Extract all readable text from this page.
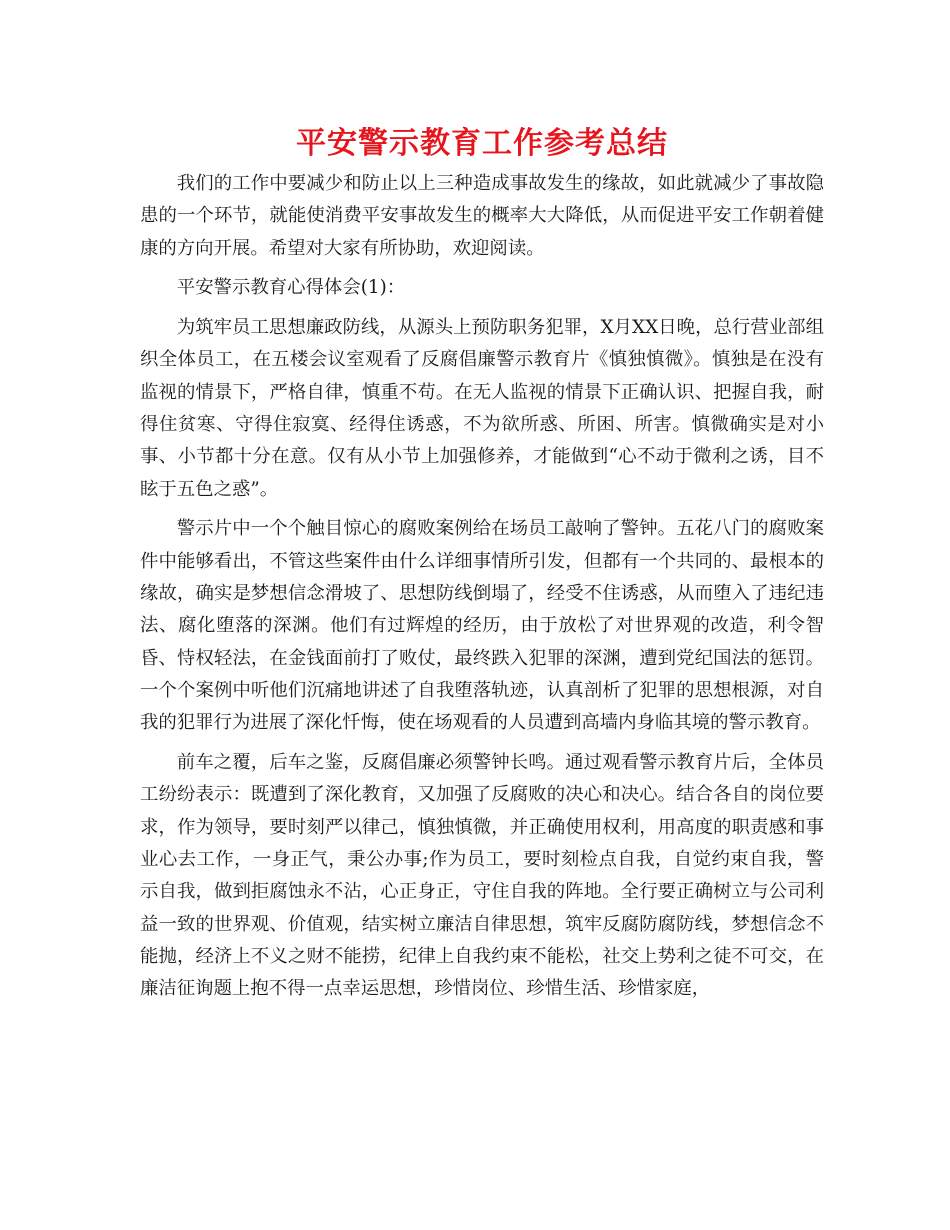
平安警示教育工作参考总结

我们的工作中要减少和防止以上三种造成事故发生的缘故，如此就减少了事故隐患的一个环节，就能使消费平安事故发生的概率大大降低，从而促进平安工作朝着健康的方向开展。希望对大家有所协助，欢迎阅读。

平安警示教育心得体会(1)：

为筑牢员工思想廉政防线，从源头上预防职务犯罪，X月XX日晚，总行营业部组织全体员工，在五楼会议室观看了反腐倡廉警示教育片《慎独慎微》。慎独是在没有监视的情景下，严格自律，慎重不苟。在无人监视的情景下正确认识、把握自我，耐得住贫寒、守得住寂寞、经得住诱惑，不为欲所惑、所困、所害。慎微确实是对小事、小节都十分在意。仅有从小节上加强修养，才能做到“心不动于微利之诱，目不眩于五色之惑”。

警示片中一个个触目惊心的腐败案例给在场员工敲响了警钟。五花八门的腐败案件中能够看出，不管这些案件由什么详细事情所引发，但都有一个共同的、最根本的缘故，确实是梦想信念滑坡了、思想防线倒塌了，经受不住诱惑，从而堕入了违纪违法、腐化堕落的深渊。他们有过辉煌的经历，由于放松了对世界观的改造，利令智昏、恃权轻法，在金钱面前打了败仗，最终跌入犯罪的深渊，遭到党纪国法的惩罚。一个个案例中听他们沉痛地讲述了自我堕落轨迹，认真剖析了犯罪的思想根源，对自我的犯罪行为进展了深化忏悔，使在场观看的人员遭到高墙内身临其境的警示教育。

前车之覆，后车之鉴，反腐倡廉必须警钟长鸣。通过观看警示教育片后，全体员工纷纷表示：既遭到了深化教育，又加强了反腐败的决心和决心。结合各自的岗位要求，作为领导，要时刻严以律己，慎独慎微，并正确使用权利，用高度的职责感和事业心去工作，一身正气，秉公办事;作为员工，要时刻检点自我，自觉约束自我，警示自我，做到拒腐蚀永不沾，心正身正，守住自我的阵地。全行要正确树立与公司利益一致的世界观、价值观，结实树立廉洁自律思想，筑牢反腐防腐防线，梦想信念不能抛，经济上不义之财不能捞，纪律上自我约束不能松，社交上势利之徒不可交，在廉洁征询题上抱不得一点幸运思想，珍惜岗位、珍惜生活、珍惜家庭，
